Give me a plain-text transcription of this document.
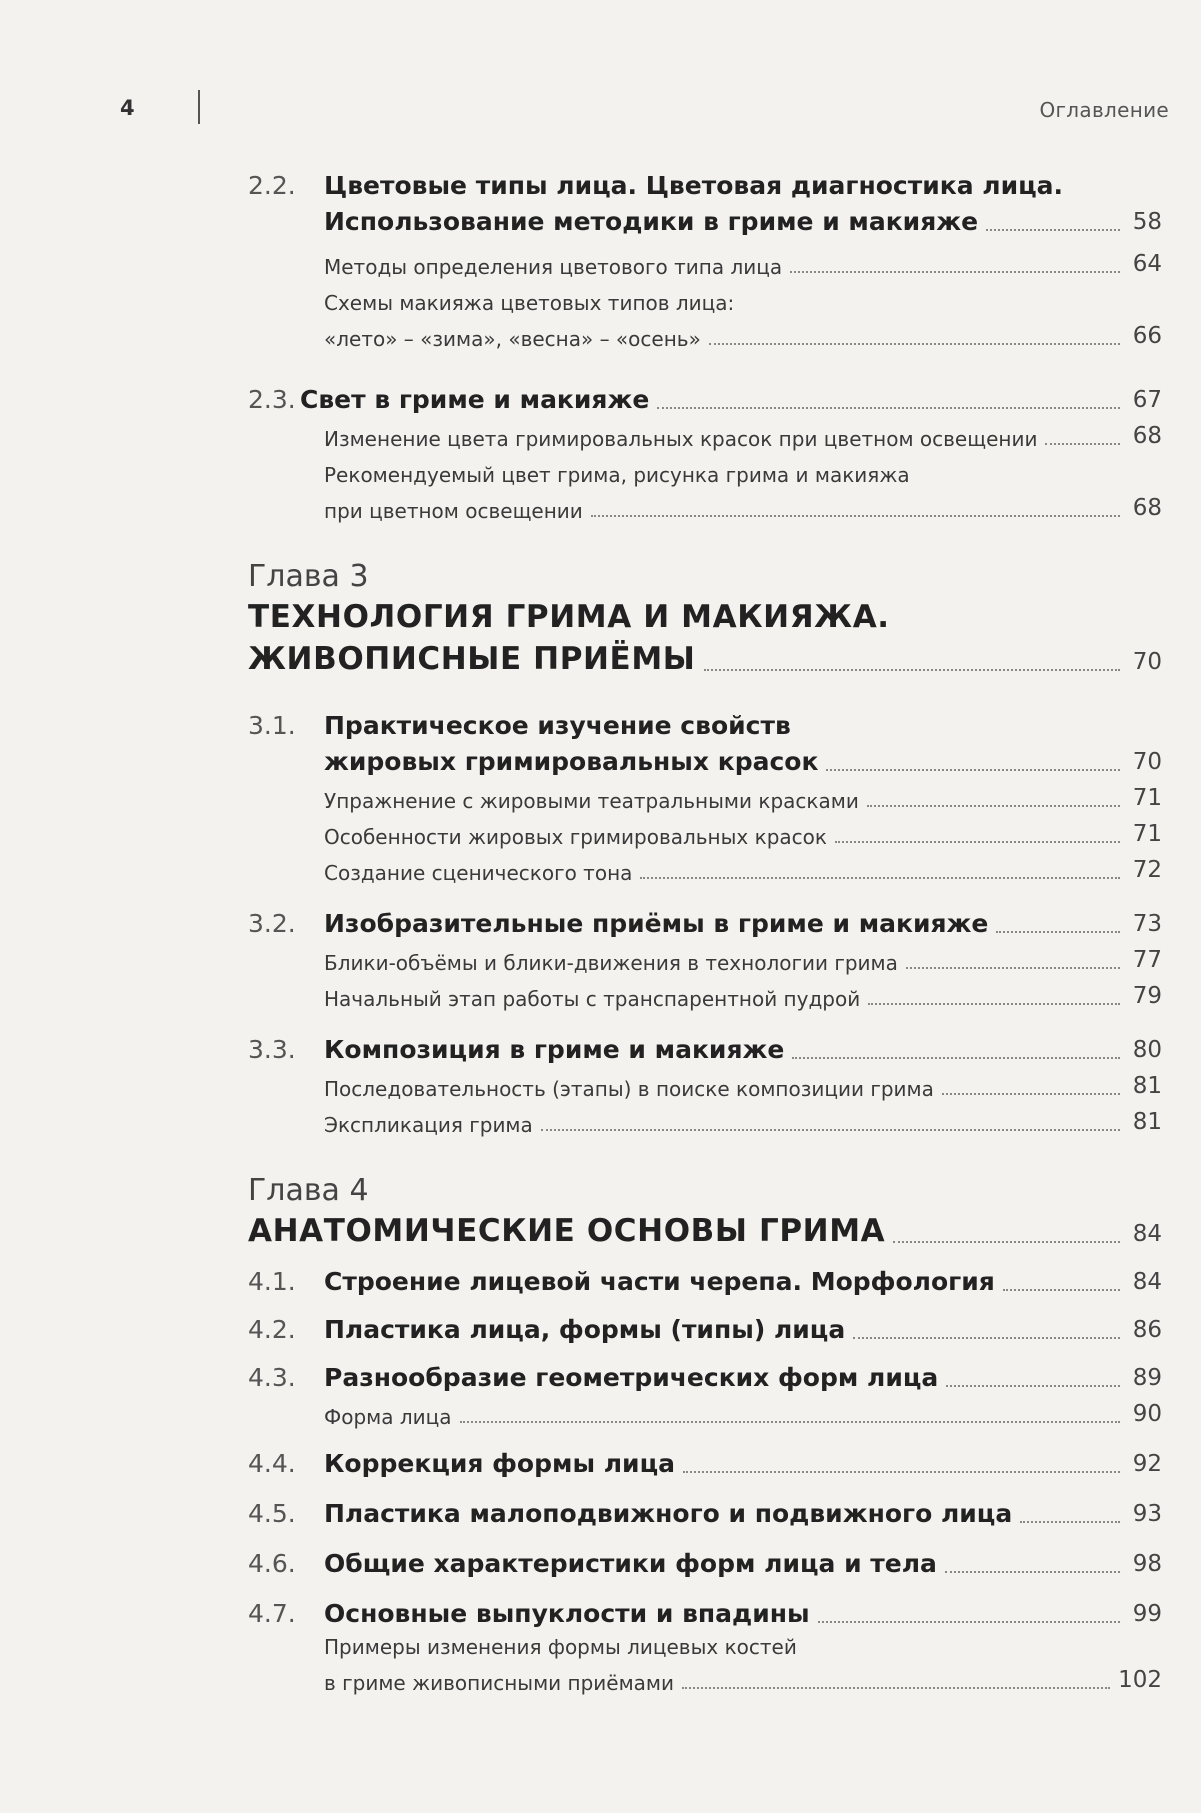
4	Оглавление
2.2.	Цветовые типы лица. Цветовая диагностика лица.
Использование методики в гриме и макияже	58
Методы определения цветового типа лица	64
Схемы макияжа цветовых типов лица:
«лето» – «зима», «весна» – «осень»	66
2.3. Свет в гриме и макияже	67
Изменение цвета гримировальных красок при цветном освещении	68
Рекомендуемый цвет грима, рисунка грима и макияжа
при цветном освещении	68
Глава 3
ТЕХНОЛОГИЯ ГРИМА И МАКИЯЖА.
ЖИВОПИСНЫЕ ПРИЁМЫ	70
3.1.	Практическое изучение свойств
жировых гримировальных красок	70
Упражнение с жировыми театральными красками	71
Особенности жировых гримировальных красок	71
Создание сценического тона	72
3.2.	Изобразительные приёмы в гриме и макияже	73
Блики-объёмы и блики-движения в технологии грима	77
Начальный этап работы с транспарентной пудрой	79
3.3.	Композиция в гриме и макияже	80
Последовательность (этапы) в поиске композиции грима	81
Экспликация грима	81
Глава 4
АНАТОМИЧЕСКИЕ ОСНОВЫ ГРИМА	84
4.1.	Строение лицевой части черепа. Морфология	84
4.2.	Пластика лица, формы (типы) лица	86
4.3.	Разнообразие геометрических форм лица	89
Форма лица	90
4.4.	Коррекция формы лица	92
4.5.	Пластика малоподвижного и подвижного лица	93
4.6.	Общие характеристики форм лица и тела	98
4.7.	Основные выпуклости и впадины	99
Примеры изменения формы лицевых костей
в гриме живописными приёмами	102
